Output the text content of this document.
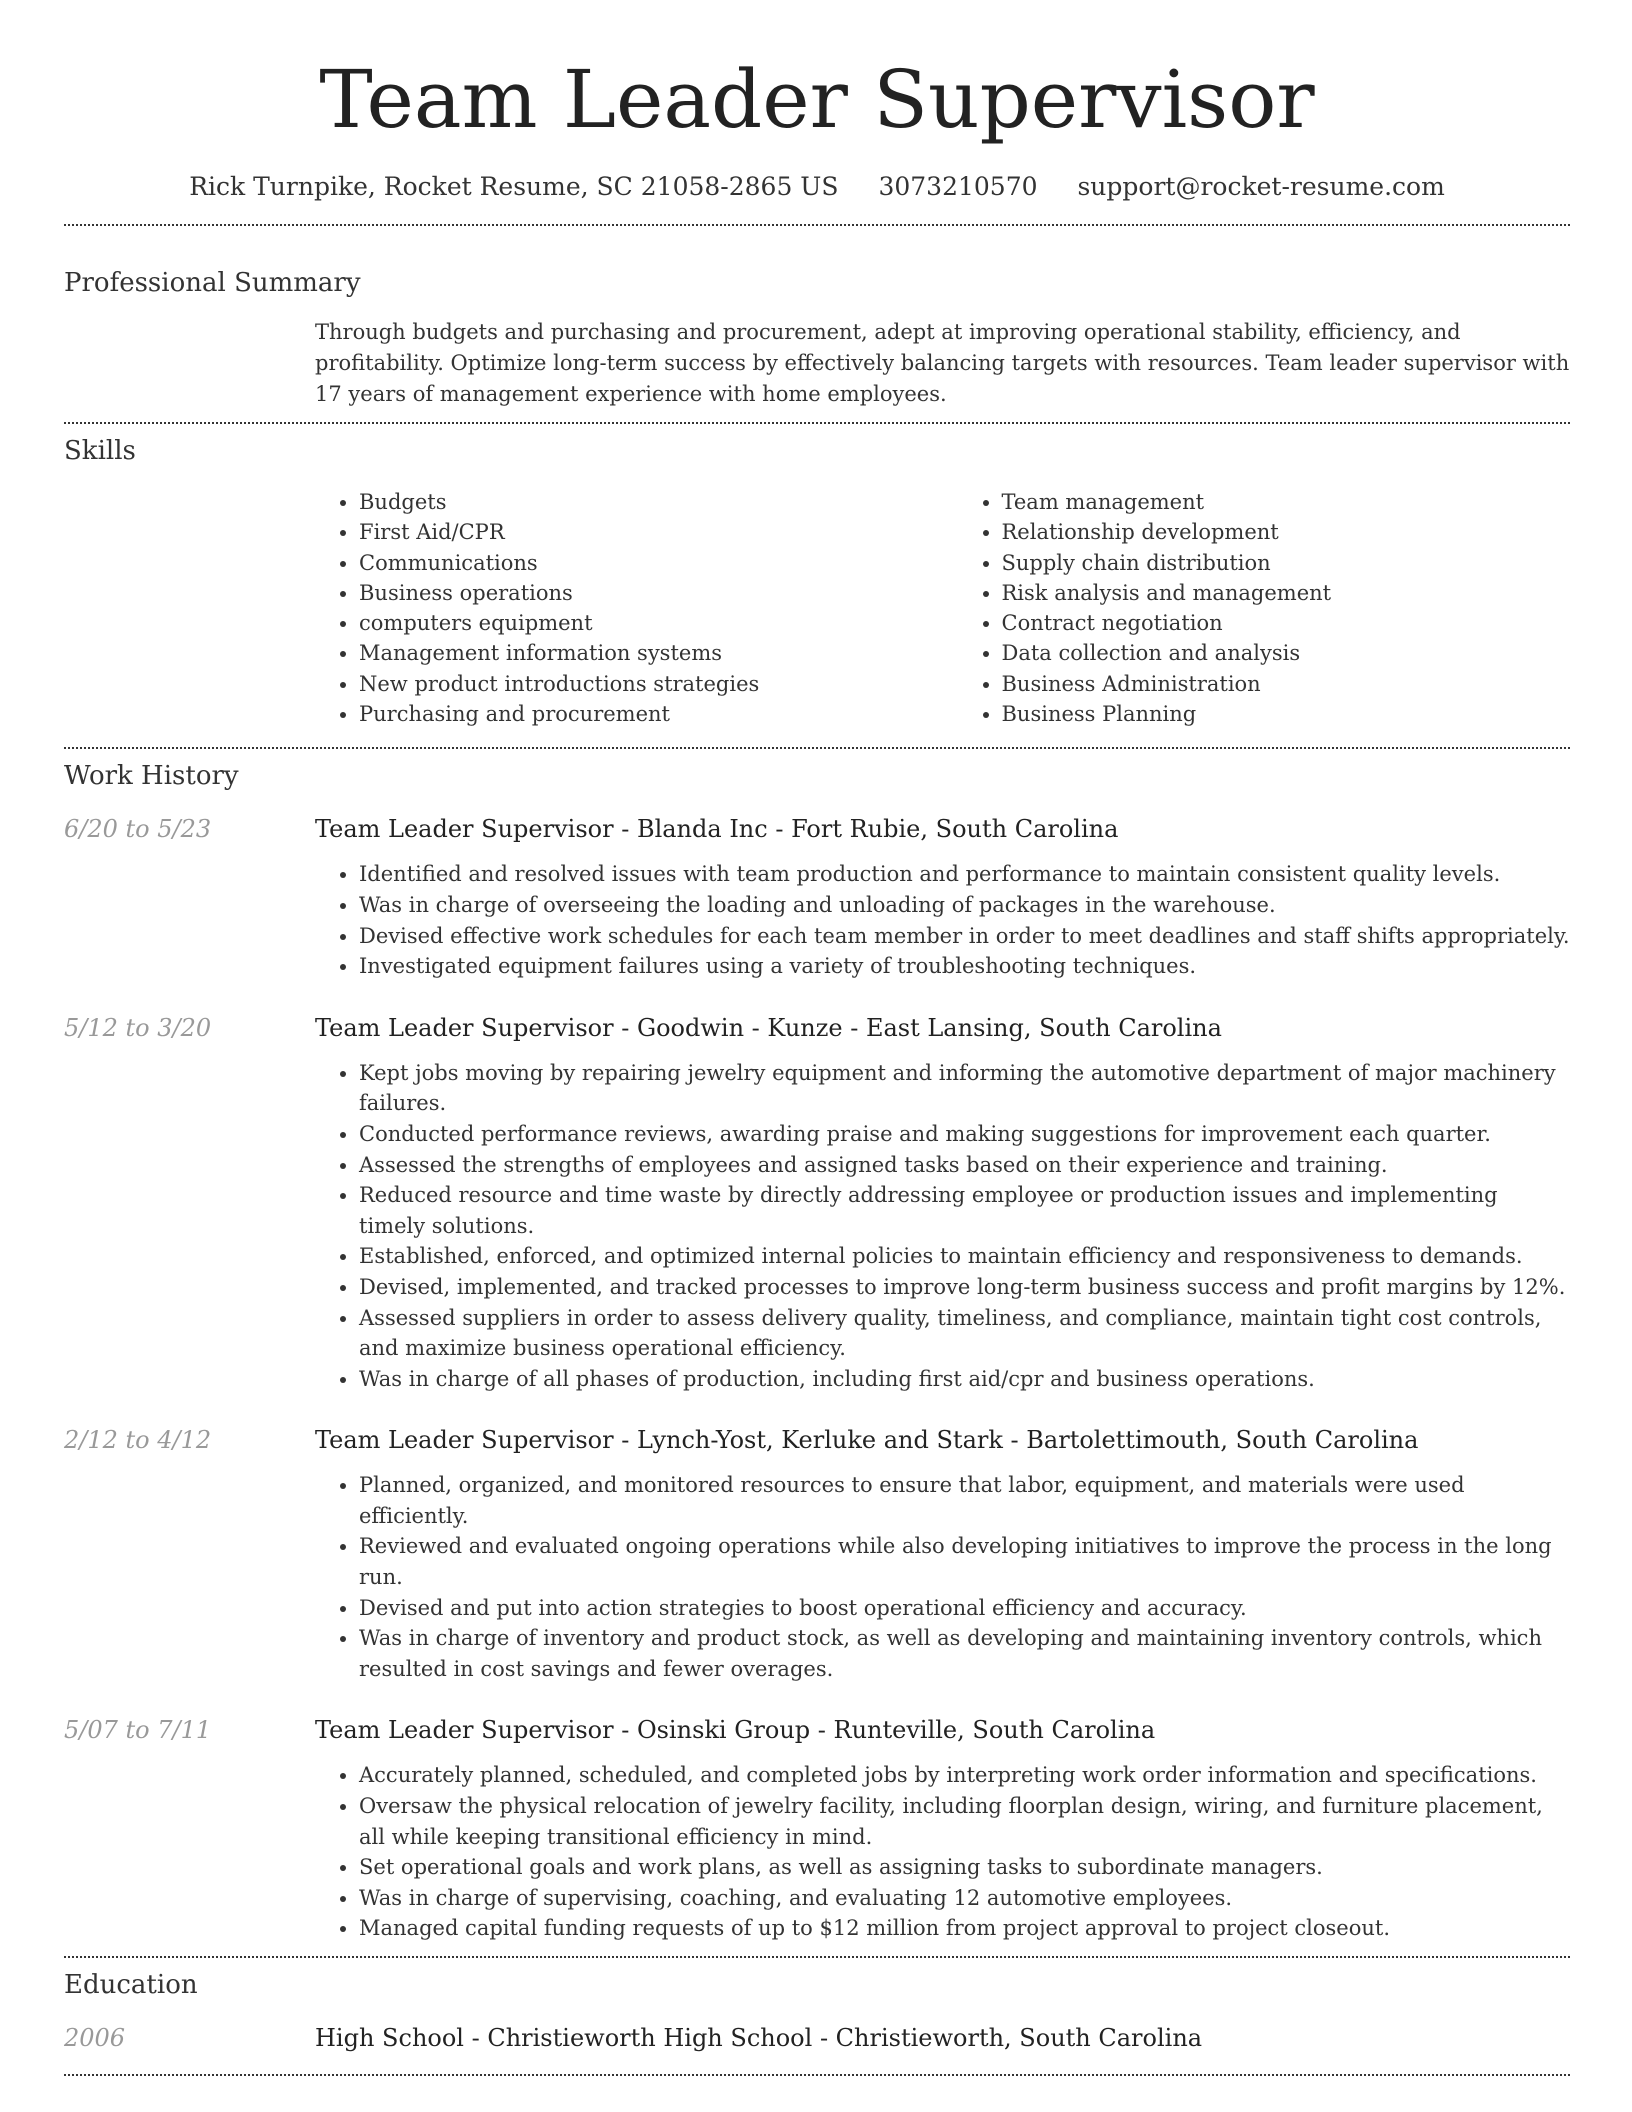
Team Leader Supervisor
Rick Turnpike, Rocket Resume, SC 21058-2865 US 3073210570 support@rocket-resume.com
Professional Summary

Through budgets and purchasing and procurement, adept at improving operational stability, efficiency, and profitability. Optimize long-term success by effectively balancing targets with resources. Team leader supervisor with 17 years of management experience with home employees.

Skills
• Budgets
• First Aid/CPR
• Communications
• Business operations
• computers equipment
• Management information systems
• New product introductions strategies
• Purchasing and procurement
• Team management
• Relationship development
• Supply chain distribution
• Risk analysis and management
• Contract negotiation
• Data collection and analysis
• Business Administration
• Business Planning
Work History
6/20 to 5/23	Team Leader Supervisor - Blanda Inc - Fort Rubie, South Carolina
• Identified and resolved issues with team production and performance to maintain consistent quality levels.
• Was in charge of overseeing the loading and unloading of packages in the warehouse.
• Devised effective work schedules for each team member in order to meet deadlines and staff shifts appropriately.
• Investigated equipment failures using a variety of troubleshooting techniques.
5/12 to 3/20	Team Leader Supervisor - Goodwin - Kunze - East Lansing, South Carolina
• Kept jobs moving by repairing jewelry equipment and informing the automotive department of major machinery failures.
• Conducted performance reviews, awarding praise and making suggestions for improvement each quarter.
• Assessed the strengths of employees and assigned tasks based on their experience and training.
• Reduced resource and time waste by directly addressing employee or production issues and implementing timely solutions.
• Established, enforced, and optimized internal policies to maintain efficiency and responsiveness to demands.
• Devised, implemented, and tracked processes to improve long-term business success and profit margins by 12%.
• Assessed suppliers in order to assess delivery quality, timeliness, and compliance, maintain tight cost controls, and maximize business operational efficiency.
• Was in charge of all phases of production, including first aid/cpr and business operations.
2/12 to 4/12	Team Leader Supervisor - Lynch-Yost, Kerluke and Stark - Bartolettimouth, South Carolina
• Planned, organized, and monitored resources to ensure that labor, equipment, and materials were used efficiently.
• Reviewed and evaluated ongoing operations while also developing initiatives to improve the process in the long run.
• Devised and put into action strategies to boost operational efficiency and accuracy.
• Was in charge of inventory and product stock, as well as developing and maintaining inventory controls, which resulted in cost savings and fewer overages.
5/07 to 7/11	Team Leader Supervisor - Osinski Group - Runteville, South Carolina
• Accurately planned, scheduled, and completed jobs by interpreting work order information and specifications.
• Oversaw the physical relocation of jewelry facility, including floorplan design, wiring, and furniture placement, all while keeping transitional efficiency in mind.
• Set operational goals and work plans, as well as assigning tasks to subordinate managers.
• Was in charge of supervising, coaching, and evaluating 12 automotive employees.
• Managed capital funding requests of up to $12 million from project approval to project closeout.
Education
2006	High School - Christieworth High School - Christieworth, South Carolina
